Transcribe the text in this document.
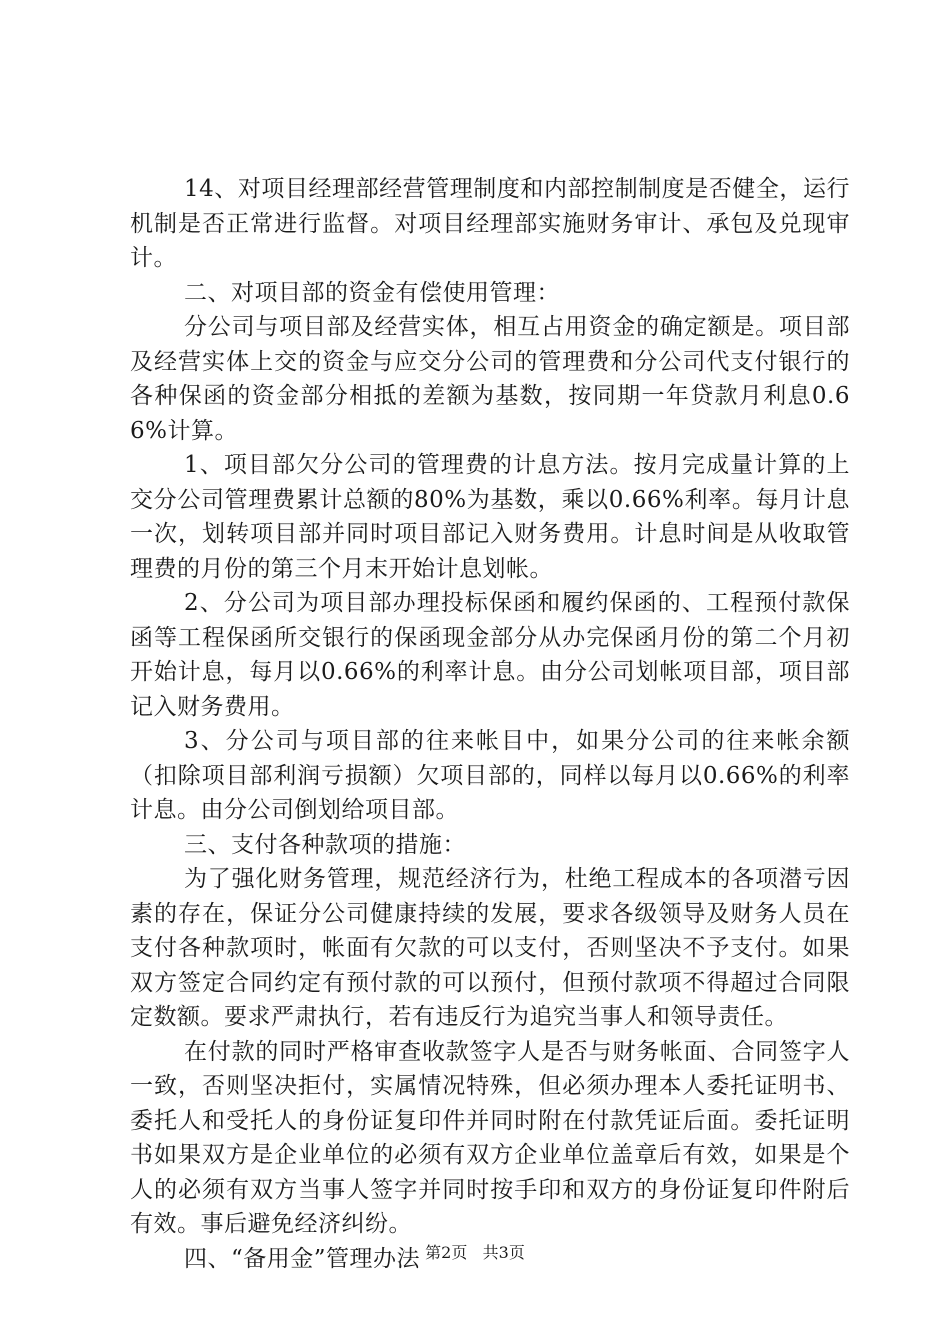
14、对项目经理部经营管理制度和内部控制制度是否健全，运行机制是否正常进行监督。对项目经理部实施财务审计、承包及兑现审计。

二、对项目部的资金有偿使用管理：

分公司与项目部及经营实体，相互占用资金的确定额是。项目部及经营实体上交的资金与应交分公司的管理费和分公司代支付银行的各种保函的资金部分相抵的差额为基数，按同期一年贷款月利息0.66%计算。

1、项目部欠分公司的管理费的计息方法。按月完成量计算的上交分公司管理费累计总额的80%为基数，乘以0.66%利率。每月计息一次，划转项目部并同时项目部记入财务费用。计息时间是从收取管理费的月份的第三个月末开始计息划帐。

2、分公司为项目部办理投标保函和履约保函的、工程预付款保函等工程保函所交银行的保函现金部分从办完保函月份的第二个月初开始计息，每月以0.66%的利率计息。由分公司划帐项目部，项目部记入财务费用。

3、分公司与项目部的往来帐目中，如果分公司的往来帐余额（扣除项目部利润亏损额）欠项目部的，同样以每月以0.66%的利率计息。由分公司倒划给项目部。

三、支付各种款项的措施：

为了强化财务管理，规范经济行为，杜绝工程成本的各项潜亏因素的存在，保证分公司健康持续的发展，要求各级领导及财务人员在支付各种款项时，帐面有欠款的可以支付，否则坚决不予支付。如果双方签定合同约定有预付款的可以预付，但预付款项不得超过合同限定数额。要求严肃执行，若有违反行为追究当事人和领导责任。

在付款的同时严格审查收款签字人是否与财务帐面、合同签字人一致，否则坚决拒付，实属情况特殊，但必须办理本人委托证明书、委托人和受托人的身份证复印件并同时附在付款凭证后面。委托证明书如果双方是企业单位的必须有双方企业单位盖章后有效，如果是个人的必须有双方当事人签字并同时按手印和双方的身份证复印件附后有效。事后避免经济纠纷。

四、“备用金”管理办法 第2页 共3页
